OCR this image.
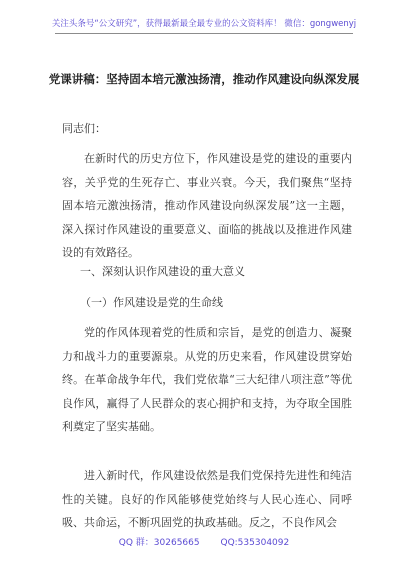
关注头条号“公文研究”，获得最新最全最专业的公文资料库！ 微信：gongwenyj
党课讲稿：坚持固本培元激浊扬清，推动作风建设向纵深发展
同志们：

在新时代的历史方位下，作风建设是党的建设的重要内容，关乎党的生死存亡、事业兴衰。今天，我们聚焦“坚持固本培元激浊扬清，推动作风建设向纵深发展”这一主题，深入探讨作风建设的重要意义、面临的挑战以及推进作风建设的有效路径。

一、深刻认识作风建设的重大意义
（一）作风建设是党的生命线

党的作风体现着党的性质和宗旨，是党的创造力、凝聚力和战斗力的重要源泉。从党的历史来看，作风建设贯穿始终。在革命战争年代，我们党依靠“三大纪律八项注意”等优良作风，赢得了人民群众的衷心拥护和支持，为夺取全国胜利奠定了坚实基础。

进入新时代，作风建设依然是我们党保持先进性和纯洁性的关键。良好的作风能够使党始终与人民心连心、同呼吸、共命运，不断巩固党的执政基础。反之，不良作风会

QQ 群：30265665 QQ:535304092
